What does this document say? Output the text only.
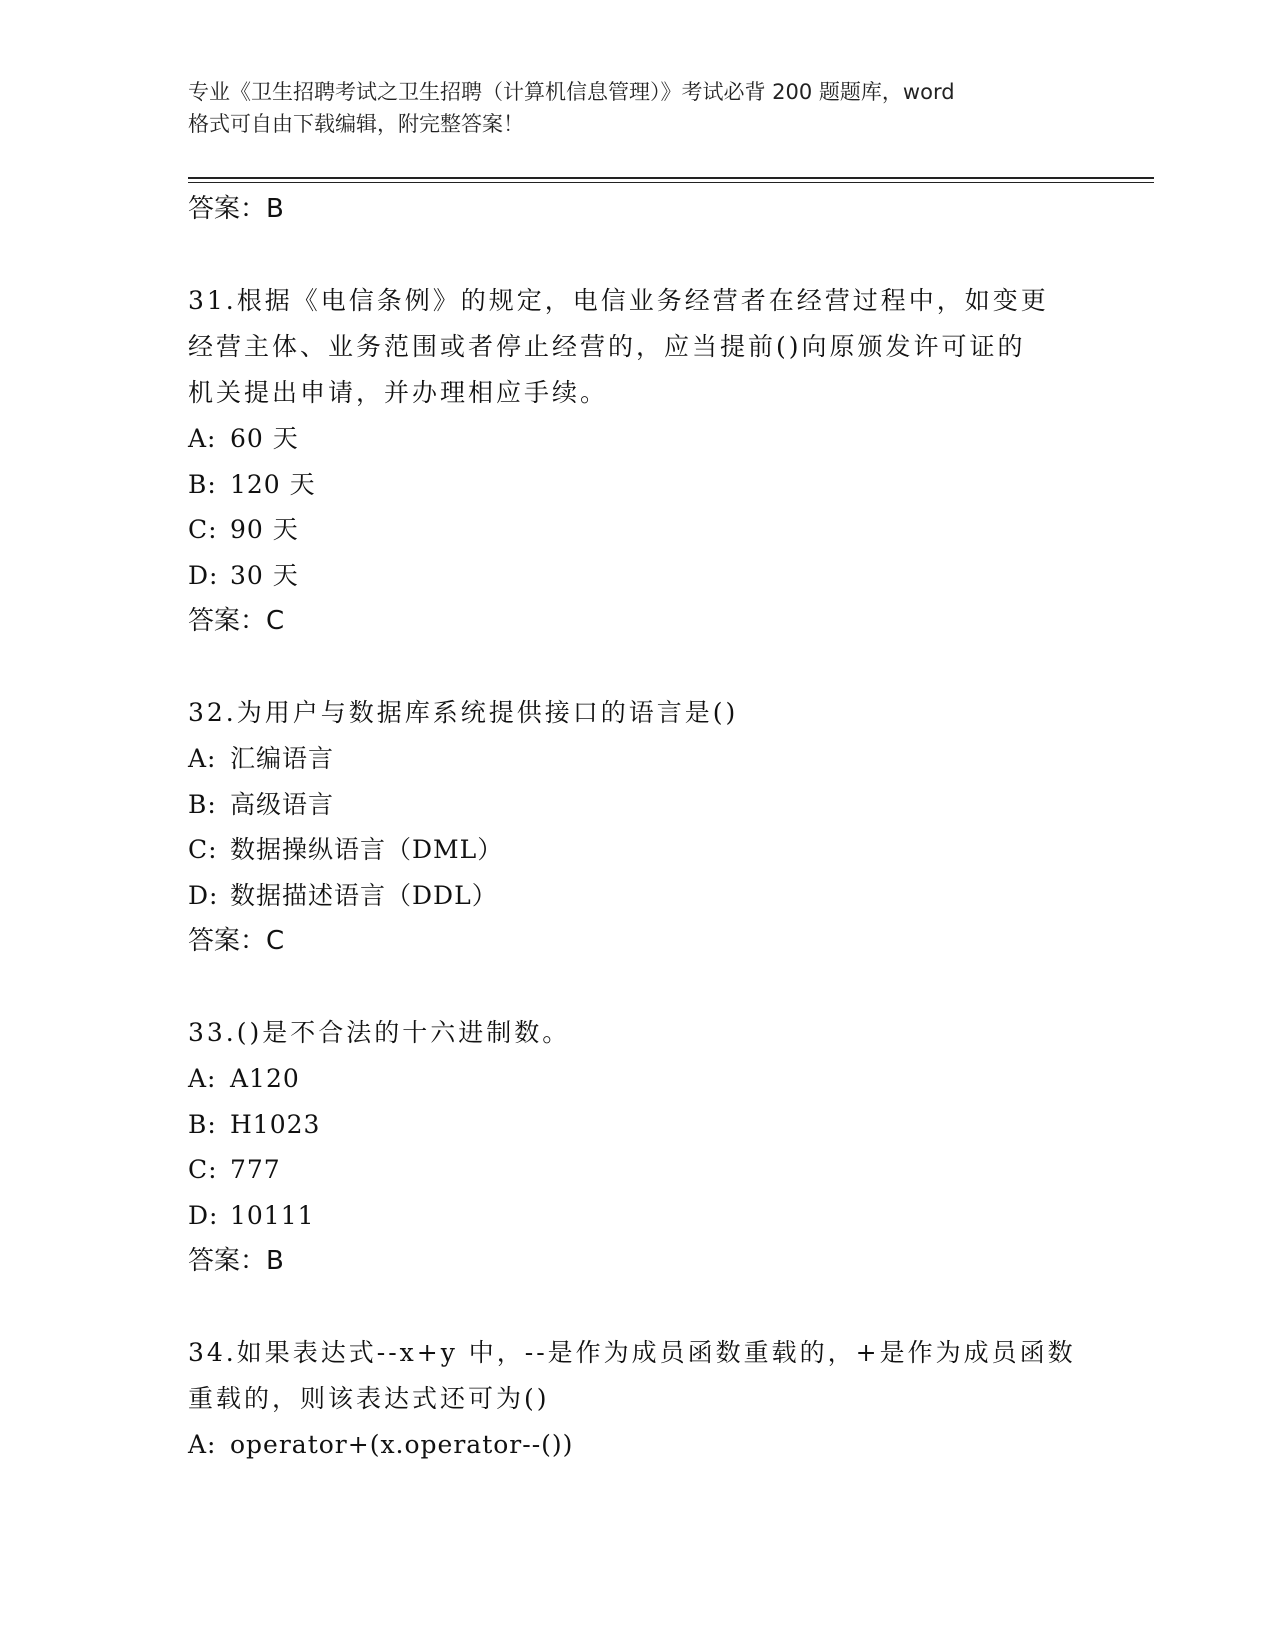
专业《卫生招聘考试之卫生招聘（计算机信息管理）》考试必背 200 题题库，word
格式可自由下载编辑，附完整答案！
答案：B
31.根据《电信条例》的规定，电信业务经营者在经营过程中，如变更
经营主体、业务范围或者停止经营的，应当提前()向原颁发许可证的
机关提出申请，并办理相应手续。
A: 60 天
B: 120 天
C: 90 天
D: 30 天
答案：C
32.为用户与数据库系统提供接口的语言是()
A: 汇编语言
B: 高级语言
C: 数据操纵语言（DML）
D: 数据描述语言（DDL）
答案：C
33.()是不合法的十六进制数。
A: A120
B: H1023
C: 777
D: 10111
答案：B
34.如果表达式--x+y 中，--是作为成员函数重载的，+是作为成员函数
重载的，则该表达式还可为()
A: operator+(x.operator--())
